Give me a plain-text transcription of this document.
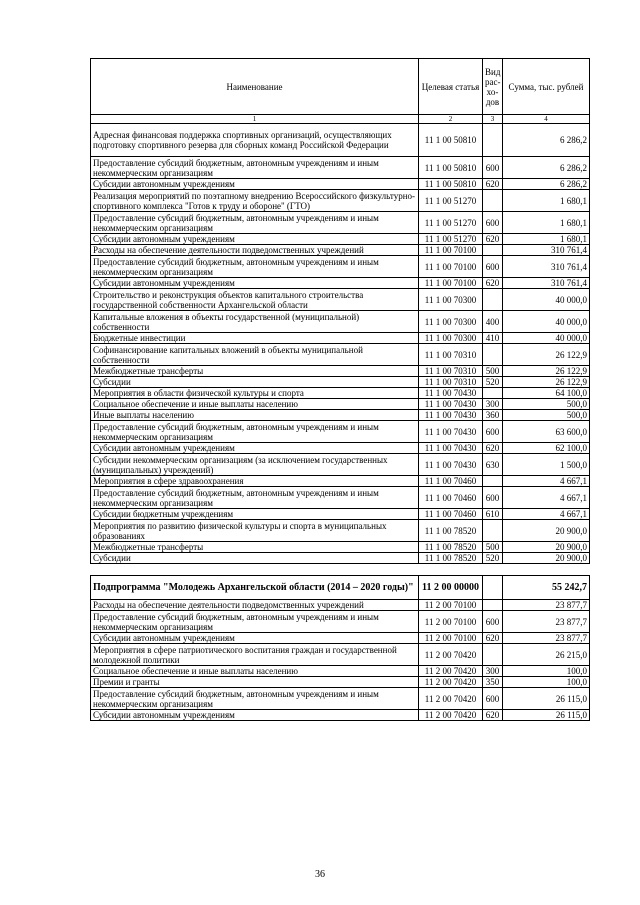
Наименование	Целевая статья	Вид рас-хо-дов	Сумма, тыс. рублей
1	2	3	4
Адресная финансовая поддержка спортивных организаций, осуществляющих подготовку спортивного резерва для сборных команд Российской Федерации	11 1 00 50810		6 286,2
Предоставление субсидий бюджетным, автономным учреждениям и иным некоммерческим организациям	11 1 00 50810	600	6 286,2
Субсидии автономным учреждениям	11 1 00 50810	620	6 286,2
Реализация мероприятий по поэтапному внедрению Всероссийского физкультурно-спортивного комплекса "Готов к труду и обороне" (ГТО)	11 1 00 51270		1 680,1
Предоставление субсидий бюджетным, автономным учреждениям и иным некоммерческим организациям	11 1 00 51270	600	1 680,1
Субсидии автономным учреждениям	11 1 00 51270	620	1 680,1
Расходы на обеспечение деятельности подведомственных учреждений	11 1 00 70100		310 761,4
Предоставление субсидий бюджетным, автономным учреждениям и иным некоммерческим организациям	11 1 00 70100	600	310 761,4
Субсидии автономным учреждениям	11 1 00 70100	620	310 761,4
Строительство и реконструкция объектов капитального строительства государственной собственности Архангельской области	11 1 00 70300		40 000,0
Капитальные вложения в объекты государственной (муниципальной) собственности	11 1 00 70300	400	40 000,0
Бюджетные инвестиции	11 1 00 70300	410	40 000,0
Софинансирование капитальных вложений в объекты муниципальной собственности	11 1 00 70310		26 122,9
Межбюджетные трансферты	11 1 00 70310	500	26 122,9
Субсидии	11 1 00 70310	520	26 122,9
Мероприятия в области физической культуры и спорта	11 1 00 70430		64 100,0
Социальное обеспечение и иные выплаты населению	11 1 00 70430	300	500,0
Иные выплаты населению	11 1 00 70430	360	500,0
Предоставление субсидий бюджетным, автономным учреждениям и иным некоммерческим организациям	11 1 00 70430	600	63 600,0
Субсидии автономным учреждениям	11 1 00 70430	620	62 100,0
Субсидии некоммерческим организациям (за исключением государственных (муниципальных) учреждений)	11 1 00 70430	630	1 500,0
Мероприятия в сфере здравоохранения	11 1 00 70460		4 667,1
Предоставление субсидий бюджетным, автономным учреждениям и иным некоммерческим организациям	11 1 00 70460	600	4 667,1
Субсидии бюджетным учреждениям	11 1 00 70460	610	4 667,1
Мероприятия по развитию физической культуры и спорта в муниципальных образованиях	11 1 00 78520		20 900,0
Межбюджетные трансферты	11 1 00 78520	500	20 900,0
Субсидии	11 1 00 78520	520	20 900,0

Подпрограмма "Молодежь Архангельской области (2014 – 2020 годы)"	11 2 00 00000		55 242,7
Расходы на обеспечение деятельности подведомственных учреждений	11 2 00 70100		23 877,7
Предоставление субсидий бюджетным, автономным учреждениям и иным некоммерческим организациям	11 2 00 70100	600	23 877,7
Субсидии автономным учреждениям	11 2 00 70100	620	23 877,7
Мероприятия в сфере патриотического воспитания граждан и государственной молодежной политики	11 2 00 70420		26 215,0
Социальное обеспечение и иные выплаты населению	11 2 00 70420	300	100,0
Премии и гранты	11 2 00 70420	350	100,0
Предоставление субсидий бюджетным, автономным учреждениям и иным некоммерческим организациям	11 2 00 70420	600	26 115,0
Субсидии автономным учреждениям	11 2 00 70420	620	26 115,0
36
